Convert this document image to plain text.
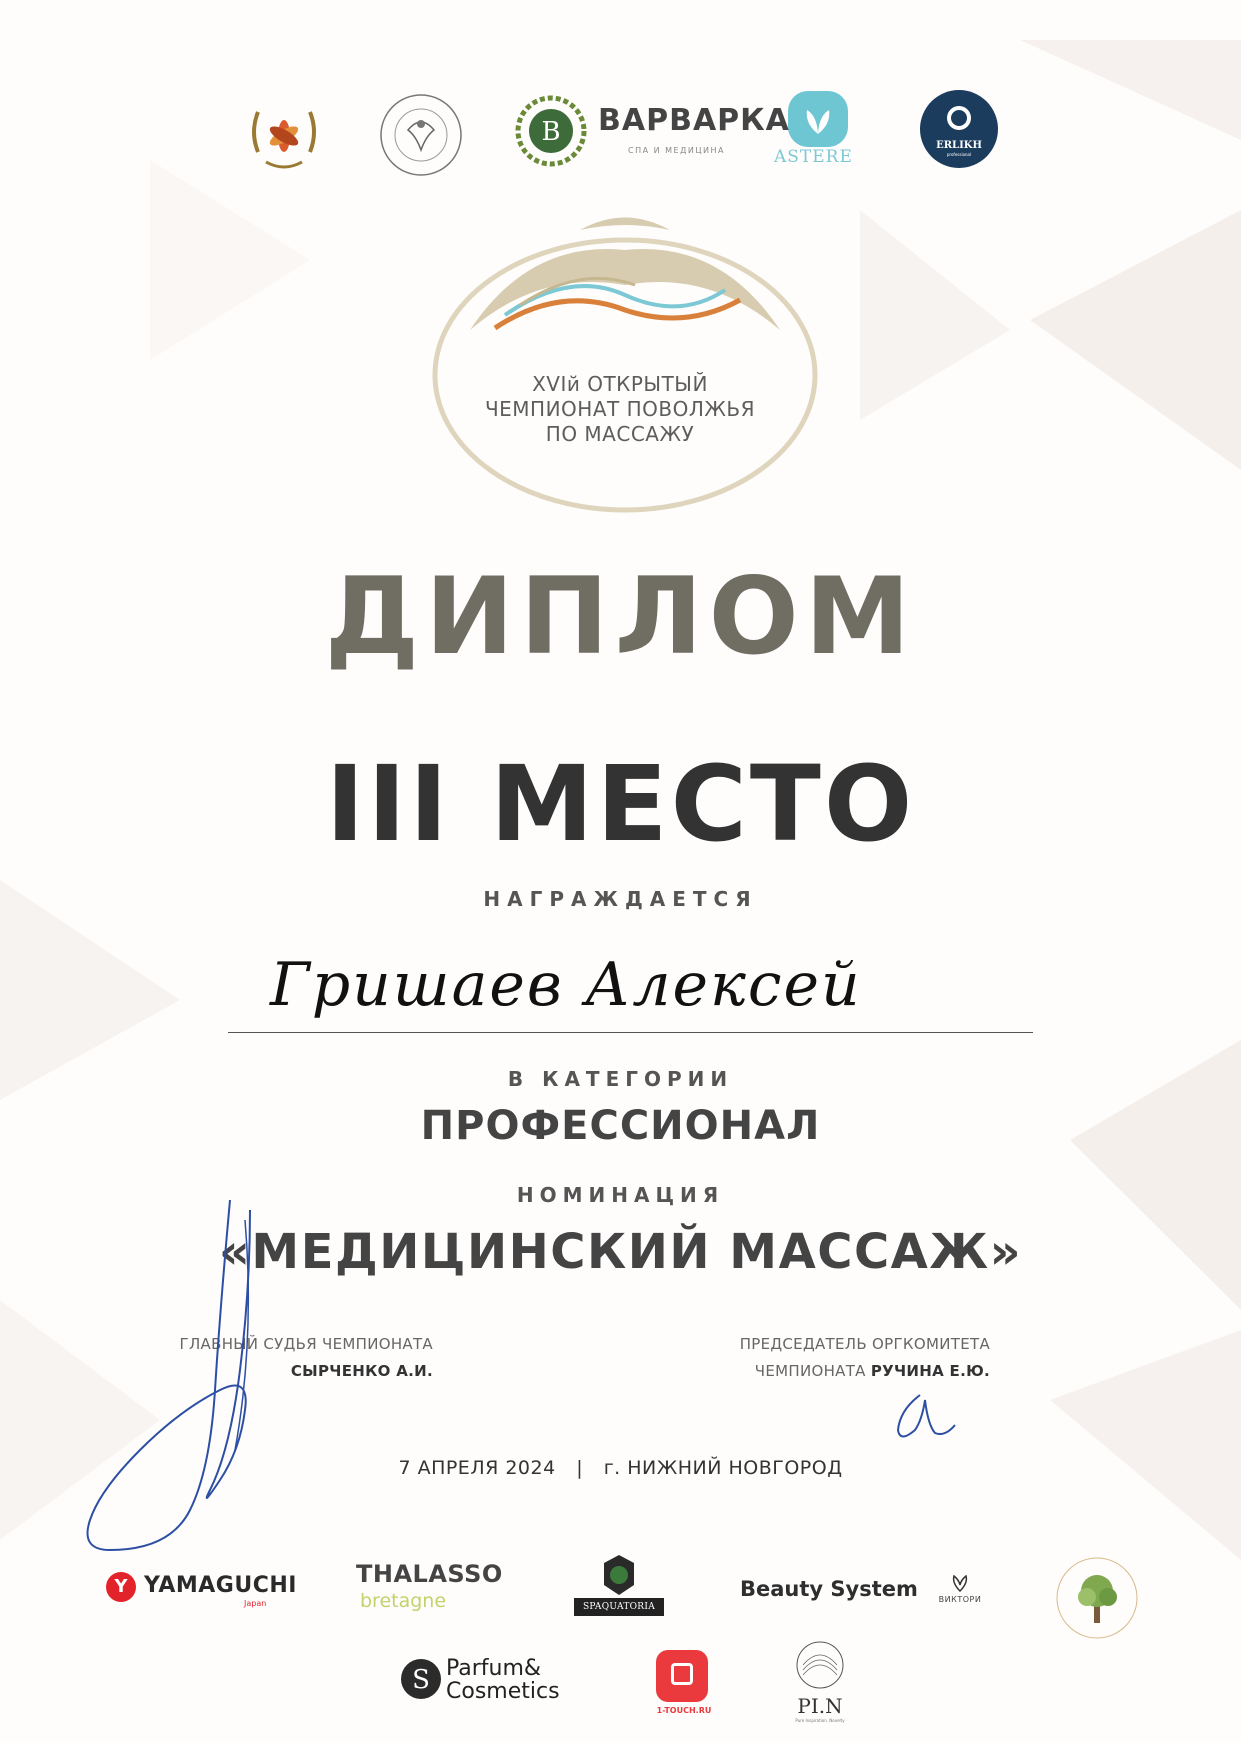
B	ERLIKH
professional
ВАРВАРКА
СПА И МЕДИЦИНА	ASTERE
XVIй ОТКРЫТЫЙ
ЧЕМПИОНАТ ПОВОЛЖЬЯ
ПО МАССАЖУ
ДИПЛОМ
III МЕСТО
НАГРАЖДАЕТСЯ
Гришаев Алексей
В КАТЕГОРИИ
ПРОФЕССИОНАЛ
НОМИНАЦИЯ
«МЕДИЦИНСКИЙ МАССАЖ»
ГЛАВНЫЙ СУДЬЯ ЧЕМПИОНАТА
СЫРЧЕНКО А.И.
ПРЕДСЕДАТЕЛЬ ОРГКОМИТЕТА
ЧЕМПИОНАТА РУЧИНА Е.Ю.
7 АПРЕЛЯ 2024 | г. НИЖНИЙ НОВГОРОД
Y YAMAGUCHI
Japan
THALASSO
bretagne	SPAQUATORIA
Beauty System	ВИКТОРИ
S Parfum&
Cosmetics
1-TOUCH.RU	PI.N
Pure Inspiration. Novelty
